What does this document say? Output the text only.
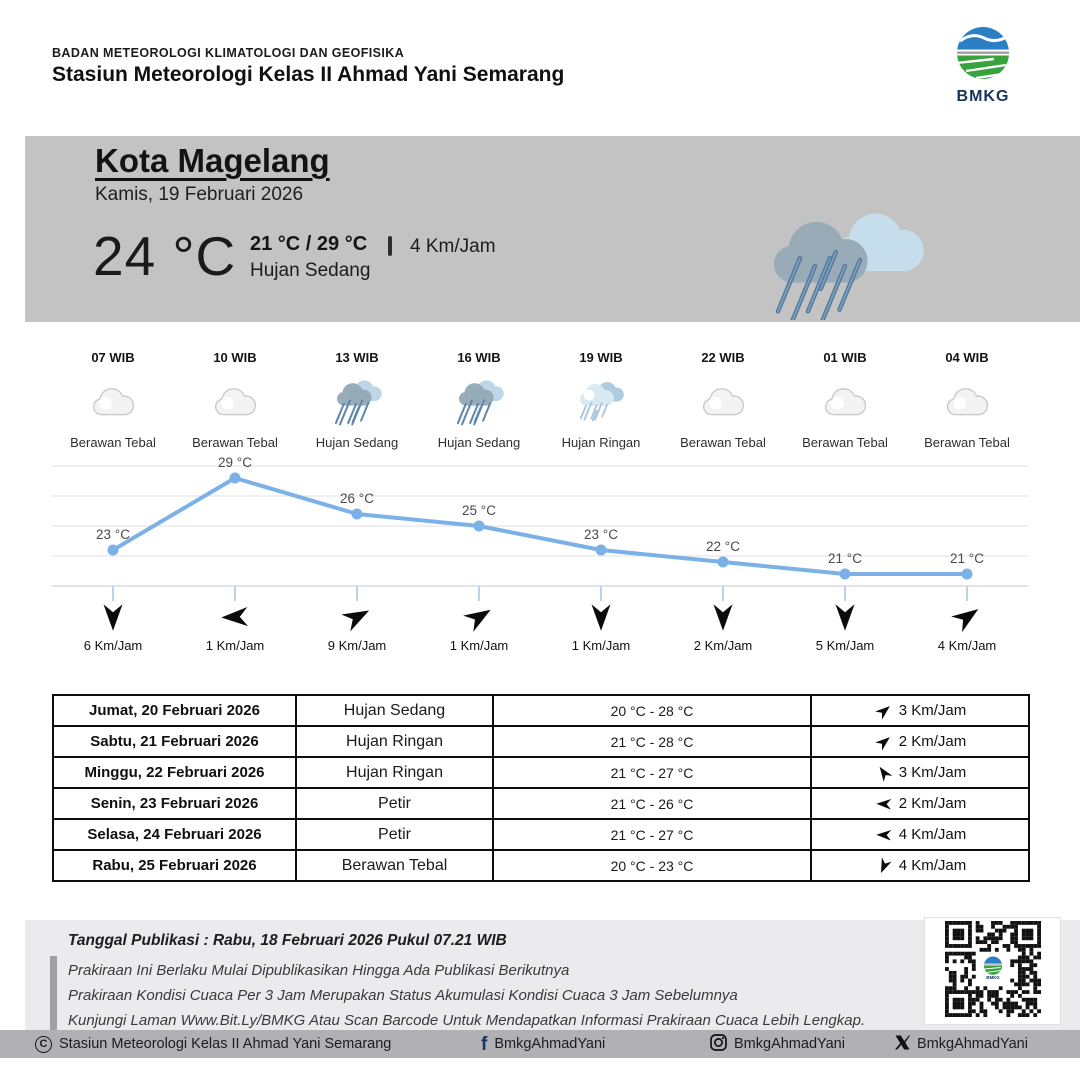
BADAN METEOROLOGI KLIMATOLOGI DAN GEOFISIKA
Stasiun Meteorologi Kelas II Ahmad Yani Semarang
BMKG
Kota Magelang
Kamis, 19 Februari 2026
24 °C 21 °C / 29 °C
Hujan Sedang
4 Km/Jam
07 WIB
Berawan Tebal
10 WIB
Berawan Tebal
13 WIB
Hujan Sedang
16 WIB
Hujan Sedang
19 WIB
Hujan Ringan
22 WIB
Berawan Tebal
01 WIB
Berawan Tebal
04 WIB
Berawan Tebal
23 °C
29 °C
26 °C
25 °C
23 °C
22 °C
21 °C	21 °C
6 Km/Jam	1 Km/Jam	9 Km/Jam	1 Km/Jam	1 Km/Jam	2 Km/Jam	5 Km/Jam	4 Km/Jam
Jumat, 20 Februari 2026	Hujan Sedang	20 °C - 28 °C	3 Km/Jam
Sabtu, 21 Februari 2026	Hujan Ringan	21 °C - 28 °C	2 Km/Jam
Minggu, 22 Februari 2026	Hujan Ringan	21 °C - 27 °C	3 Km/Jam
Senin, 23 Februari 2026	Petir	21 °C - 26 °C	2 Km/Jam
Selasa, 24 Februari 2026	Petir	21 °C - 27 °C	4 Km/Jam
Rabu, 25 Februari 2026	Berawan Tebal	20 °C - 23 °C	4 Km/Jam
Tanggal Publikasi : Rabu, 18 Februari 2026 Pukul 07.21 WIB
Prakiraan Ini Berlaku Mulai Dipublikasikan Hingga Ada Publikasi Berikutnya
Prakiraan Kondisi Cuaca Per 3 Jam Merupakan Status Akumulasi Kondisi Cuaca 3 Jam Sebelumnya
Kunjungi Laman Www.Bit.Ly/BMKG Atau Scan Barcode Untuk Mendapatkan Informasi Prakiraan Cuaca Lebih Lengkap.
BMKG
C Stasiun Meteorologi Kelas II Ahmad Yani Semarang	f BmkgAhmadYani	BmkgAhmadYani	BmkgAhmadYani
